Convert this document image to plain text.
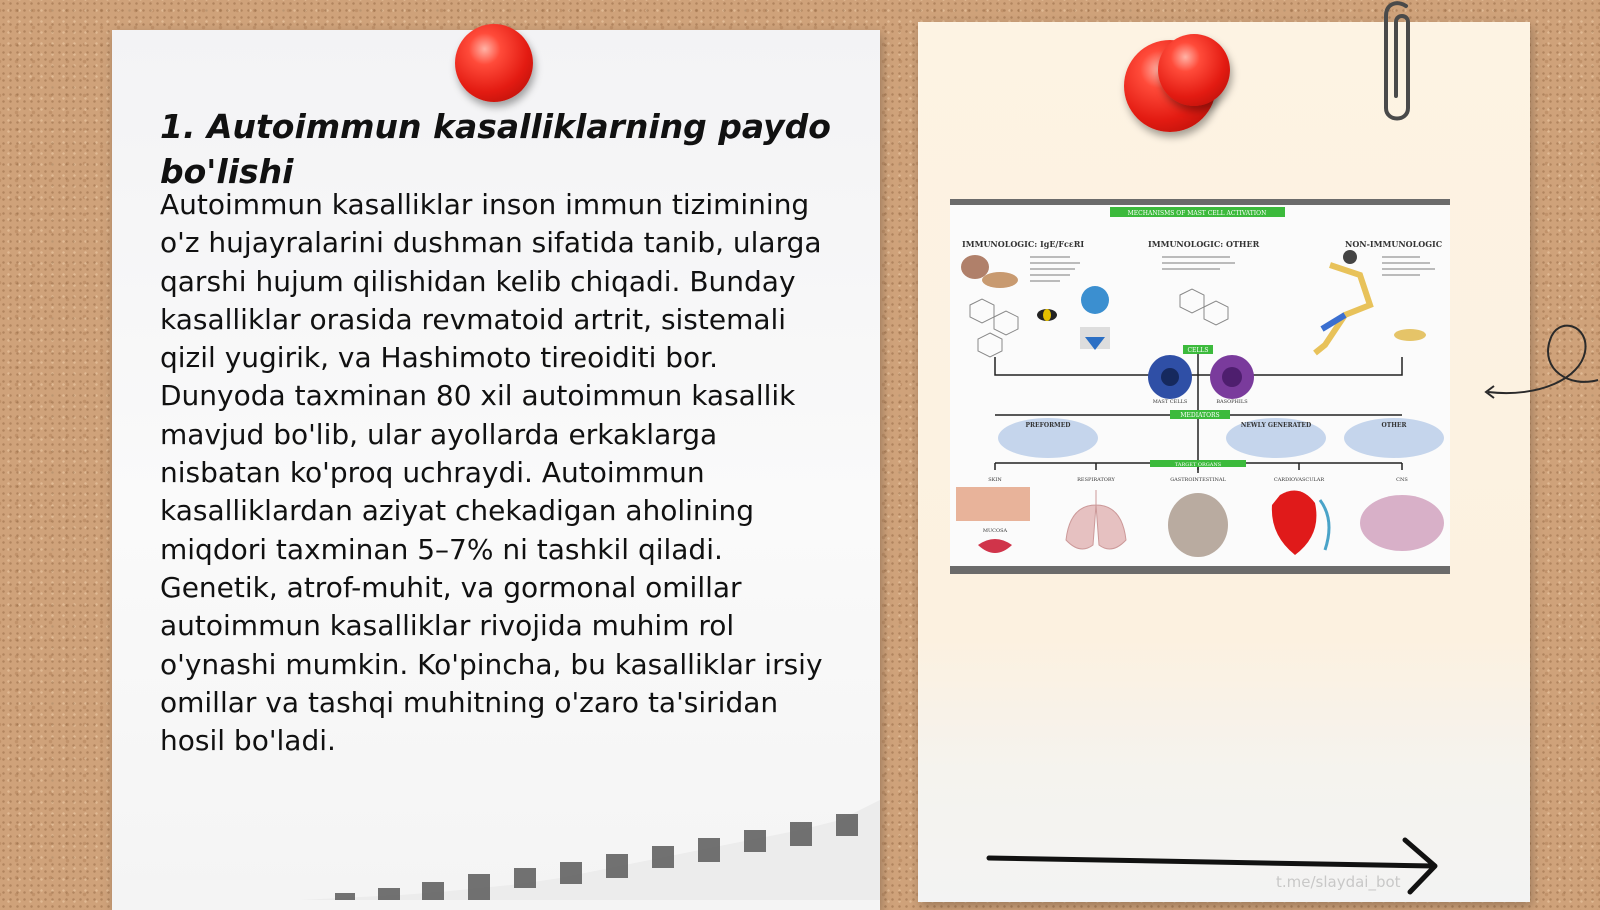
1. Autoimmun kasalliklarning paydo bo'lishi

Autoimmun kasalliklar inson immun tizimining o'z hujayralarini dushman sifatida tanib, ularga qarshi hujum qilishidan kelib chiqadi. Bunday kasalliklar orasida revmatoid artrit, sistemali qizil yugirik, va Hashimoto tireoiditi bor. Dunyoda taxminan 80 xil autoimmun kasallik mavjud bo'lib, ular ayollarda erkaklarga nisbatan ko'proq uchraydi. Autoimmun kasalliklardan aziyat chekadigan aholining miqdori taxminan 5–7% ni tashkil qiladi. Genetik, atrof-muhit, va gormonal omillar autoimmun kasalliklar rivojida muhim rol o'ynashi mumkin. Ko'pincha, bu kasalliklar irsiy omillar va tashqi muhitning o'zaro ta'siridan hosil bo'ladi.

MECHANISMS OF MAST CELL ACTIVATION
IMMUNOLOGIC: IgE/FcεRI	IMMUNOLOGIC: OTHER	NON-IMMUNOLOGIC
CELLS
MAST CELLS	BASOPHILS
MEDIATORS
PREFORMED	NEWLY GENERATED	OTHER
TARGET ORGANS
SKIN	RESPIRATORY	GASTROINTESTINAL	CARDIOVASCULAR	CNS
MUCOSA
t.me/slaydai_bot
